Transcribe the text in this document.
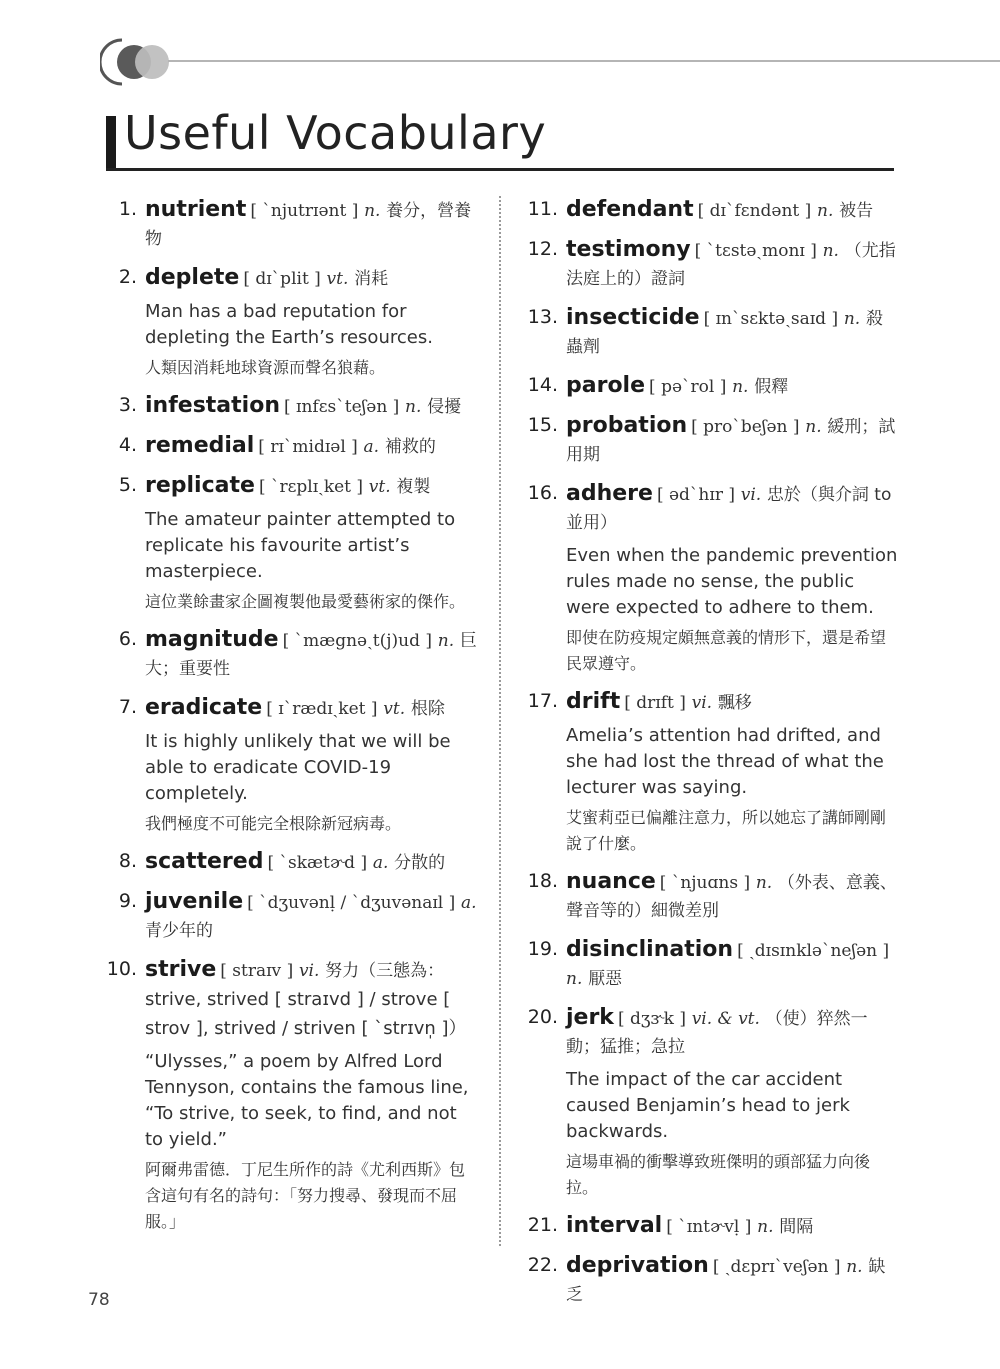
Useful Vocabulary
1. nutrient [ ˋnjutrɪənt ] n. 養分，營養物
2. deplete [ dɪˋplit ] vt. 消耗
Man has a bad reputation for depleting the Earth’s resources.
人類因消耗地球資源而聲名狼藉。
3. infestation [ ɪnfɛsˋteʃən ] n. 侵擾
4. remedial [ rɪˋmidɪəl ] a. 補救的
5. replicate [ ˋrɛplɪˏket ] vt. 複製
The amateur painter attempted to replicate his favourite artist’s masterpiece.
這位業餘畫家企圖複製他最愛藝術家的傑作。
6. magnitude [ ˋmægnəˏt(j)ud ] n. 巨大；重要性
7. eradicate [ ɪˋrædɪˏket ] vt. 根除
It is highly unlikely that we will be able to eradicate COVID-19 completely.
我們極度不可能完全根除新冠病毒。
8. scattered [ ˋskætɚd ] a. 分散的
9. juvenile [ ˋdʒuvənḷ / ˋdʒuvənaɪl ] a. 青少年的
10. strive [ straɪv ] vi. 努力（三態為：
strive, strived [ straɪvd ] / strove [ strov ], strived / striven [ ˋstrɪvn̩ ]）
“Ulysses,” a poem by Alfred Lord Tennyson, contains the famous line, “To strive, to seek, to find, and not to yield.”
阿爾弗雷德．丁尼生所作的詩《尤利西斯》包含這句有名的詩句：「努力搜尋、發現而不屈服。」
11. defendant [ dɪˋfɛndənt ] n. 被告
12. testimony [ ˋtɛstəˏmonɪ ] n. （尤指法庭上的）證詞
13. insecticide [ ɪnˋsɛktəˏsaɪd ] n. 殺蟲劑
14. parole [ pəˋrol ] n. 假釋
15. probation [ proˋbeʃən ] n. 緩刑；試用期
16. adhere [ ədˋhɪr ] vi. 忠於（與介詞 to 並用）
Even when the pandemic prevention rules made no sense, the public were expected to adhere to them.
即使在防疫規定頗無意義的情形下，還是希望民眾遵守。
17. drift [ drɪft ] vi. 飄移
Amelia’s attention had drifted, and she had lost the thread of what the lecturer was saying.
艾蜜莉亞已偏離注意力，所以她忘了講師剛剛說了什麼。
18. nuance [ ˋnjuɑns ] n. （外表、意義、聲音等的）細微差別
19. disinclination [ ˏdɪsɪnkləˋneʃən ] n. 厭惡
20. jerk [ dʒɝk ] vi. & vt. （使）猝然一動；猛推；急拉
The impact of the car accident caused Benjamin’s head to jerk backwards.
這場車禍的衝擊導致班傑明的頭部猛力向後拉。
21. interval [ ˋɪntɚvḷ ] n. 間隔
22. deprivation [ ˏdɛprɪˋveʃən ] n. 缺乏
78
